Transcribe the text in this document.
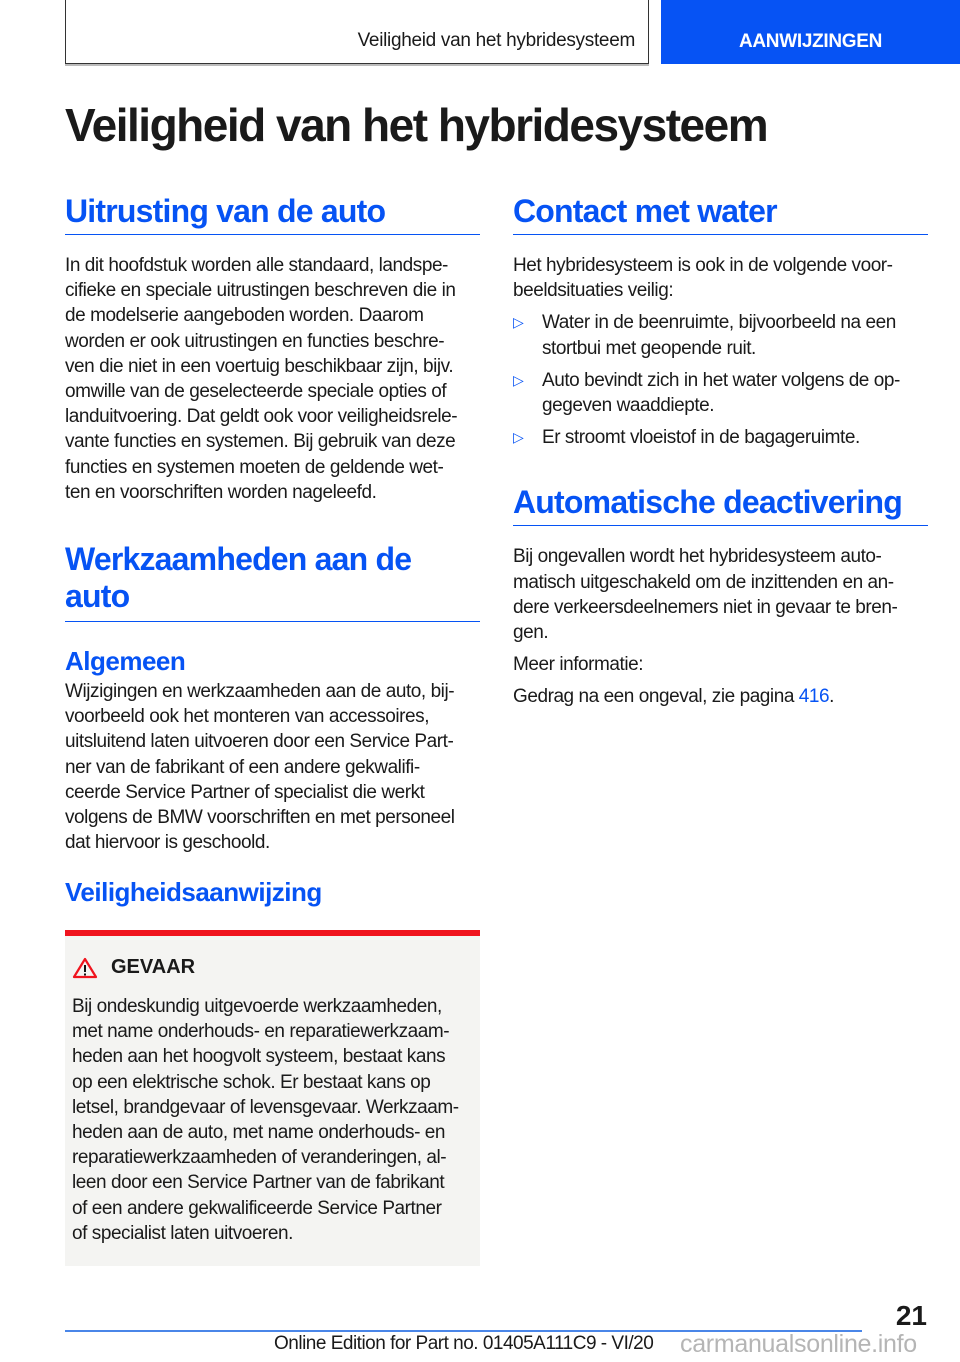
Veiligheid van het hybridesysteem	AANWIJZINGEN
Veiligheid van het hybridesysteem
Uitrusting van de auto
In dit hoofdstuk worden alle standaard, landspe-
cifieke en speciale uitrustingen beschreven die in
de modelserie aangeboden worden. Daarom
worden er ook uitrustingen en functies beschre-
ven die niet in een voertuig beschikbaar zijn, bijv.
omwille van de geselecteerde speciale opties of
landuitvoering. Dat geldt ook voor veiligheidsrele-
vante functies en systemen. Bij gebruik van deze
functies en systemen moeten de geldende wet-
ten en voorschriften worden nageleefd.
Werkzaamheden aan de
auto
Algemeen
Wijzigingen en werkzaamheden aan de auto, bij-
voorbeeld ook het monteren van accessoires,
uitsluitend laten uitvoeren door een Service Part-
ner van de fabrikant of een andere gekwalifi-
ceerde Service Partner of specialist die werkt
volgens de BMW voorschriften en met personeel
dat hiervoor is geschoold.
Veiligheidsaanwijzing
GEVAAR
Bij ondeskundig uitgevoerde werkzaamheden,
met name onderhouds- en reparatiewerkzaam-
heden aan het hoogvolt systeem, bestaat kans
op een elektrische schok. Er bestaat kans op
letsel, brandgevaar of levensgevaar. Werkzaam-
heden aan de auto, met name onderhouds- en
reparatiewerkzaamheden of veranderingen, al-
leen door een Service Partner van de fabrikant
of een andere gekwalificeerde Service Partner
of specialist laten uitvoeren.
Contact met water
Het hybridesysteem is ook in de volgende voor-
beeldsituaties veilig:
▷ Water in de beenruimte, bijvoorbeeld na een
stortbui met geopende ruit.
▷ Auto bevindt zich in het water volgens de op-
gegeven waaddiepte.
▷ Er stroomt vloeistof in de bagageruimte.
Automatische deactivering
Bij ongevallen wordt het hybridesysteem auto-
matisch uitgeschakeld om de inzittenden en an-
dere verkeersdeelnemers niet in gevaar te bren-
gen.
Meer informatie:
Gedrag na een ongeval, zie pagina 416.
21
Online Edition for Part no. 01405A111C9 - VI/20 carmanualsonline.info
